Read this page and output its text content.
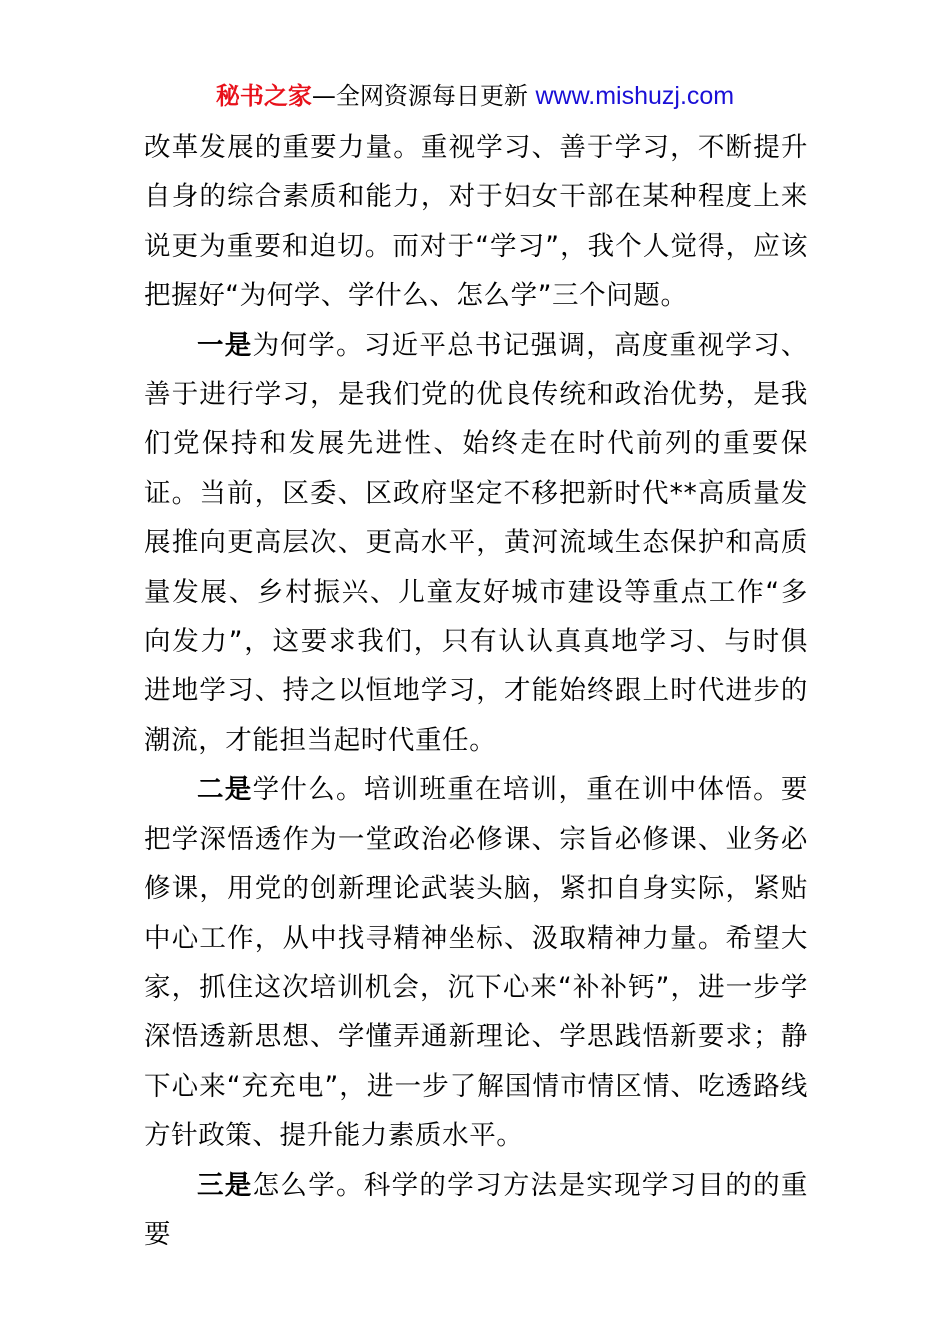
秘书之家—全网资源每日更新 www.mishuzj.com

改革发展的重要力量。重视学习、善于学习，不断提升自身的综合素质和能力，对于妇女干部在某种程度上来说更为重要和迫切。而对于“学习”，我个人觉得，应该把握好“为何学、学什么、怎么学”三个问题。

一是为何学。习近平总书记强调，高度重视学习、善于进行学习，是我们党的优良传统和政治优势，是我们党保持和发展先进性、始终走在时代前列的重要保证。当前，区委、区政府坚定不移把新时代**高质量发展推向更高层次、更高水平，黄河流域生态保护和高质量发展、乡村振兴、儿童友好城市建设等重点工作“多向发力”，这要求我们，只有认认真真地学习、与时俱进地学习、持之以恒地学习，才能始终跟上时代进步的潮流，才能担当起时代重任。

二是学什么。培训班重在培训，重在训中体悟。要把学深悟透作为一堂政治必修课、宗旨必修课、业务必修课，用党的创新理论武装头脑，紧扣自身实际，紧贴中心工作，从中找寻精神坐标、汲取精神力量。希望大家，抓住这次培训机会，沉下心来“补补钙”，进一步学深悟透新思想、学懂弄通新理论、学思践悟新要求；静下心来“充充电”，进一步了解国情市情区情、吃透路线方针政策、提升能力素质水平。

三是怎么学。科学的学习方法是实现学习目的的重要
